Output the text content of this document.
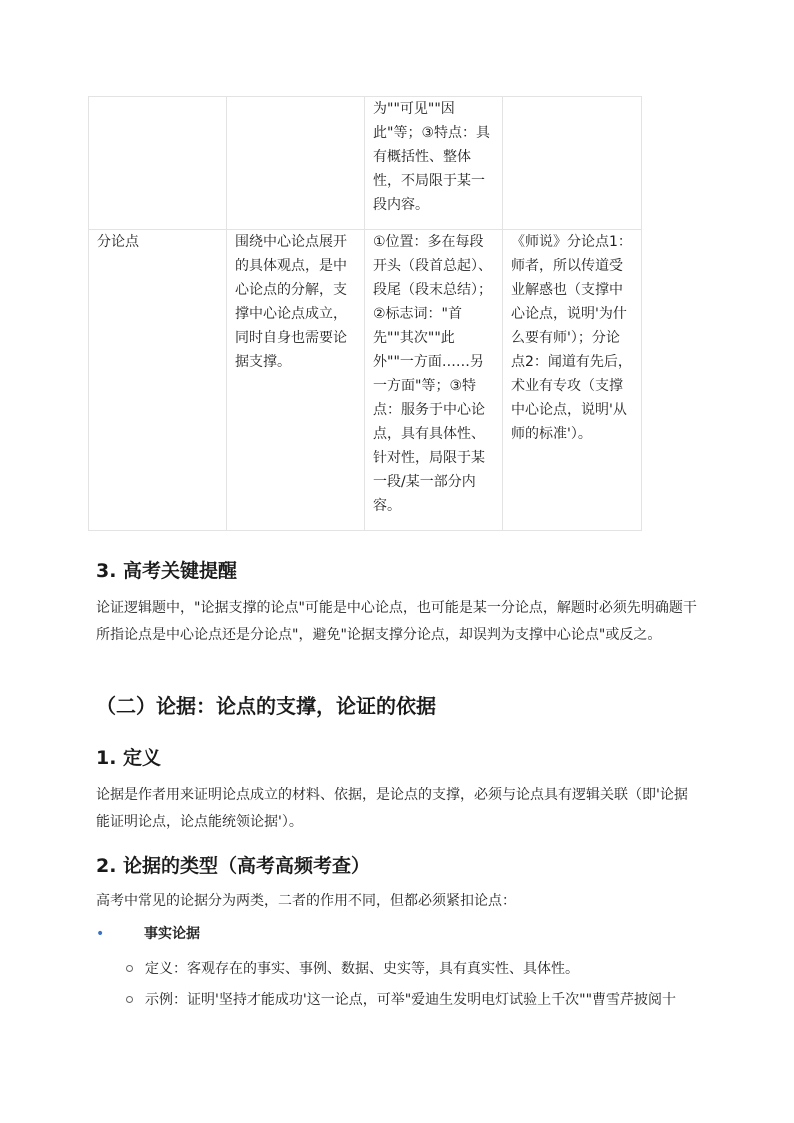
		为""可见""因此"等；③特点：具有概括性、整体性，不局限于某一段内容。	
分论点	围绕中心论点展开的具体观点，是中心论点的分解，支撑中心论点成立，同时自身也需要论据支撑。	①位置：多在每段开头（段首总起）、段尾（段末总结）；②标志词："首先""其次""此外""一方面……另一方面"等；③特点：服务于中心论点，具有具体性、针对性，局限于某一段/某一部分内容。	《师说》分论点1：师者，所以传道受业解惑也（支撑中心论点，说明'为什么要有师'）；分论点2：闻道有先后，术业有专攻（支撑中心论点，说明'从师的标准'）。
3. 高考关键提醒

论证逻辑题中，"论据支撑的论点"可能是中心论点，也可能是某一分论点，解题时必须先明确题干所指论点是中心论点还是分论点"，避免"论据支撑分论点，却误判为支撑中心论点"或反之。

（二）论据：论点的支撑，论证的依据
1. 定义

论据是作者用来证明论点成立的材料、依据，是论点的支撑，必须与论点具有逻辑关联（即'论据能证明论点，论点能统领论据'）。

2. 论据的类型（高考高频考查）

高考中常见的论据分为两类，二者的作用不同，但都必须紧扣论点：

•	事实论据
定义：客观存在的事实、事例、数据、史实等，具有真实性、具体性。
示例：证明'坚持才能成功'这一论点，可举"爱迪生发明电灯试验上千次""曹雪芹披阅十
